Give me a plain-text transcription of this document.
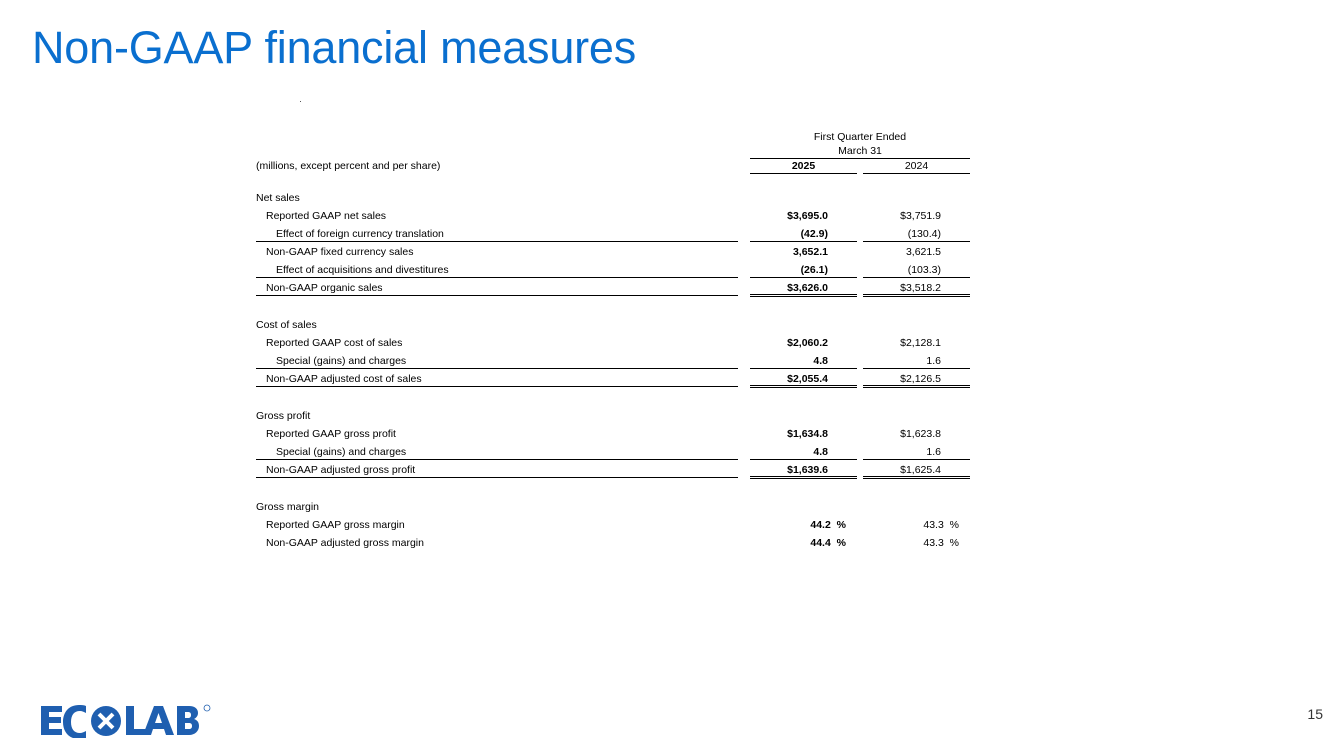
Non-GAAP financial measures
First Quarter Ended
March 31
(millions, except percent and per share)	2025	2024
Net sales
Reported GAAP net sales	$3,695.0	$3,751.9
Effect of foreign currency translation	(42.9)	(130.4)
Non-GAAP fixed currency sales	3,652.1	3,621.5
Effect of acquisitions and divestitures	(26.1)	(103.3)
Non-GAAP organic sales	$3,626.0	$3,518.2
Cost of sales
Reported GAAP cost of sales	$2,060.2	$2,128.1
Special (gains) and charges	4.8	1.6
Non-GAAP adjusted cost of sales	$2,055.4	$2,126.5
Gross profit
Reported GAAP gross profit	$1,634.8	$1,623.8
Special (gains) and charges	4.8	1.6
Non-GAAP adjusted gross profit	$1,639.6	$1,625.4
Gross margin
Reported GAAP gross margin	44.2 %	43.3 %
Non-GAAP adjusted gross margin	44.4 %	43.3 %
15
